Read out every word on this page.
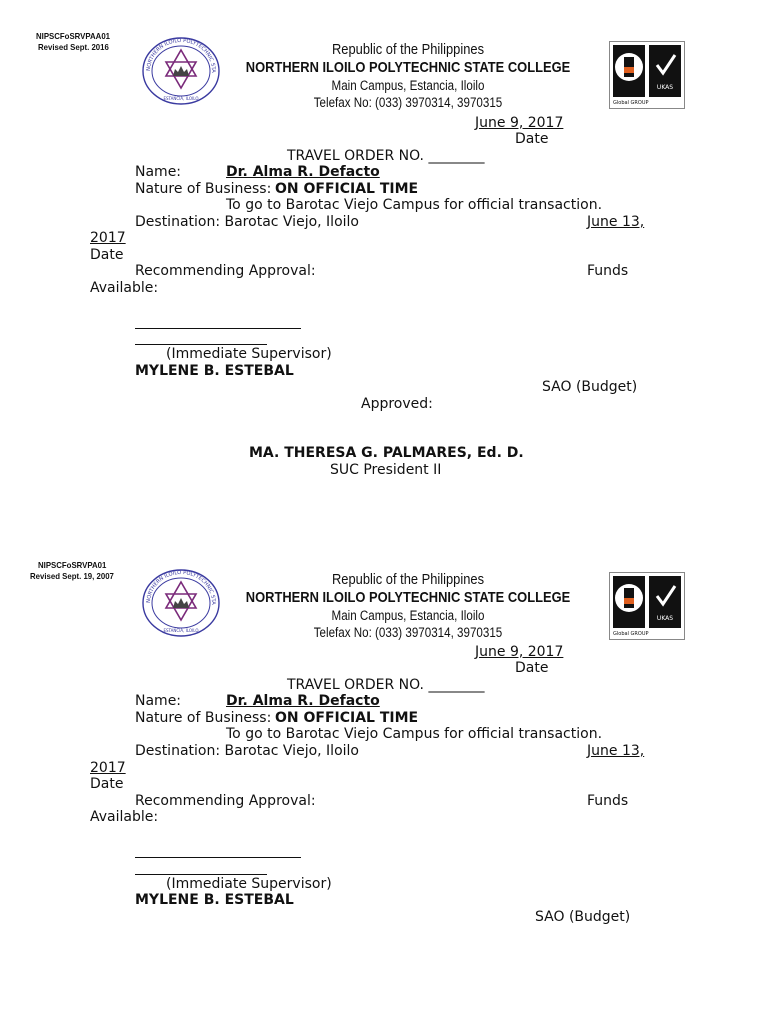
NIPSCFoSRVPAA01
Revised Sept. 2016
NORTHERN ILOILO POLYTECHNIC STA
ESTANCIA, ILOILO
Republic of the Philippines
NORTHERN ILOILO POLYTECHNIC STATE COLLEGE
Main Campus, Estancia, Iloilo
Telefax No: (033) 3970314, 3970315
UKAS
Global GROUP
June 9, 2017
Date
TRAVEL ORDER NO. ________
Name:	Dr. Alma R. Defacto
Nature of Business: ON OFFICIAL TIME
To go to Barotac Viejo Campus for official transaction.
Destination: Barotac Viejo, Iloilo	June 13,
2017
Date
Recommending Approval:	Funds
Available:
(Immediate Supervisor)
MYLENE B. ESTEBAL
SAO (Budget)
Approved:
MA. THERESA G. PALMARES, Ed. D.
SUC President II
NIPSCFoSRVPA01
Revised Sept. 19, 2007
NORTHERN ILOILO POLYTECHNIC STA
ESTANCIA, ILOILO
Republic of the Philippines
NORTHERN ILOILO POLYTECHNIC STATE COLLEGE
Main Campus, Estancia, Iloilo
Telefax No: (033) 3970314, 3970315
UKAS
Global GROUP
June 9, 2017
Date
TRAVEL ORDER NO. ________
Name:	Dr. Alma R. Defacto
Nature of Business: ON OFFICIAL TIME
To go to Barotac Viejo Campus for official transaction.
Destination: Barotac Viejo, Iloilo	June 13,
2017
Date
Recommending Approval:	Funds
Available:
(Immediate Supervisor)
MYLENE B. ESTEBAL
SAO (Budget)
